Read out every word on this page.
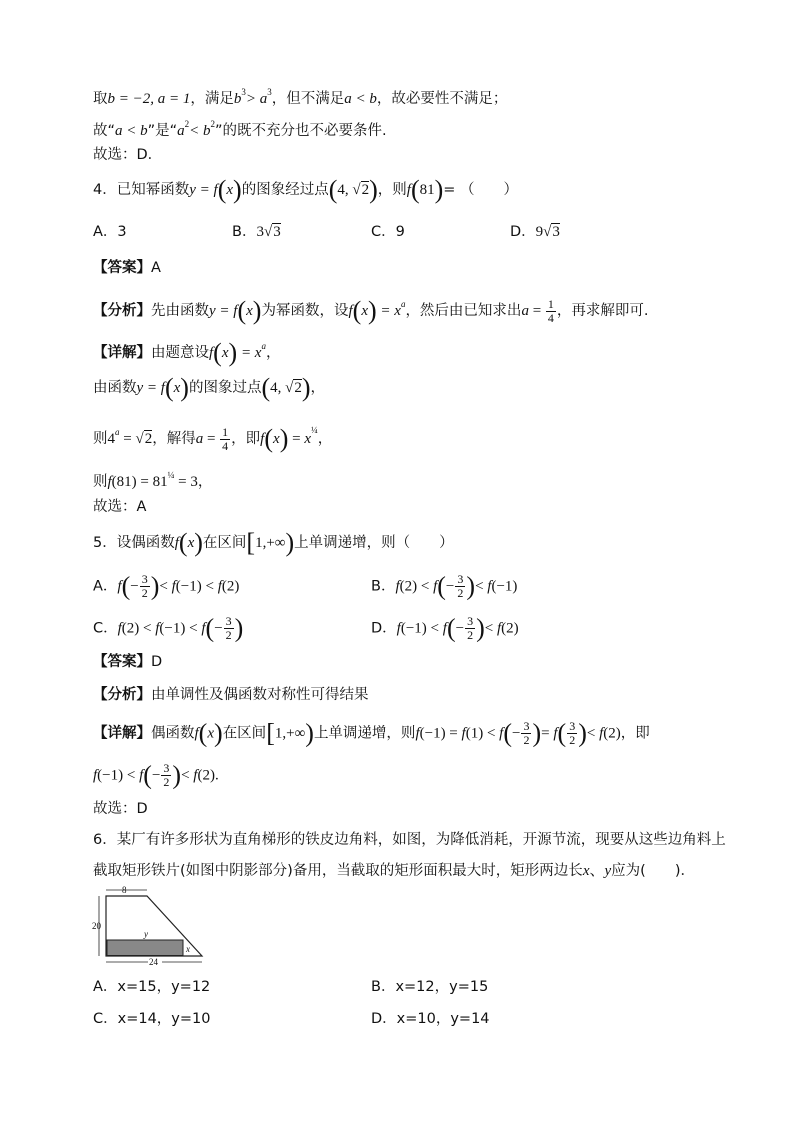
取b = −2, a = 1，满足$b^3> a^3$，但不满足a < b，故必要性不满足；
故“a < b”是“$a^2< b^2$”的既不充分也不必要条件.
故选：D．
4．已知幂函数y = f(x)的图象经过点(4, √2)，则f(81)= （　　）
A．3	B．3√3	C．9	D．9√3
【答案】A
【分析】先由函数y = f(x)为幂函数，设$f(x) = x^a$，然后由已知求出$a = \frac{1}{4}$ ，再求解即可.
【详解】由题意设$f(x) = x^a$，
由函数y = f(x)的图象过点(4, √2)，
则$4^a = √2$，解得$a = \frac{1}{4}$ ，即$f(x) = x^{\frac{1}{4}}$，
则$f(81) = 81^{\frac{1}{4}} = 3$，
故选：A
5．设偶函数f(x)在区间[1,+∞)上单调递增，则（　　）
A．$f(- \frac{3}{2}$ )< f(−1) < f(2)	B．$f(2) < f(- \frac{3}{2}$ )< f(−1)
C．$f(2) < f(-1) < f(- \frac{3}{2}$ )	D．$f(-1) < f(- \frac{3}{2}$ )< f(2)
【答案】D
【分析】由单调性及偶函数对称性可得结果
【详解】偶函数f(x)在区间[1,+∞)上单调递增，则$f(-1) = f(1) < f(- \frac{3}{2}$ )= $f( \frac{3}{2}$ )< f(2)，即
$f(-1) < f(- \frac{3}{2}$ )< f(2).
故选：D
6．某厂有许多形状为直角梯形的铁皮边角料，如图，为降低消耗，开源节流，现要从这些边角料上
截取矩形铁片(如图中阴影部分)备用，当截取的矩形面积最大时，矩形两边长x、y应为(　　)．
8
20
y
x
24
A．x=15，y=12	B．x=12，y=15
C．x=14，y=10	D．x=10，y=14
